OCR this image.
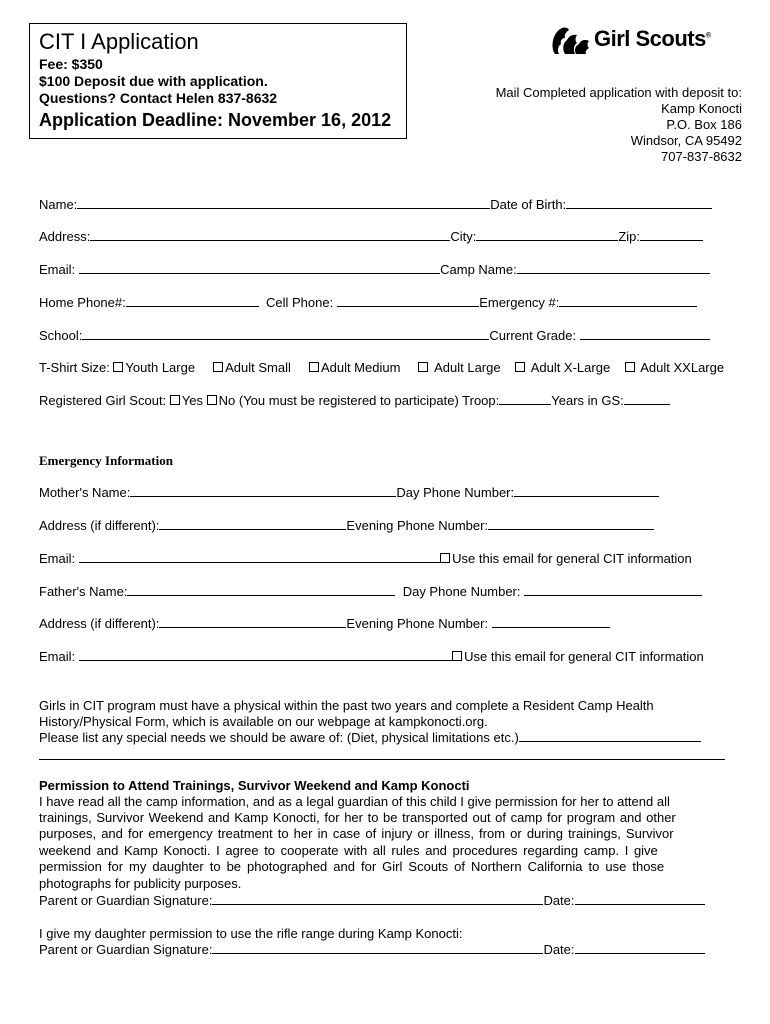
CIT I Application
Fee: $350
$100 Deposit due with application.
Questions? Contact Helen 837-8632
Application Deadline: November 16, 2012
Girl Scouts®
Mail Completed application with deposit to:
Kamp Konocti
P.O. Box 186
Windsor, CA 95492
707-837-8632
Name:	Date of Birth:
Address:	City:	Zip:
Email:	Camp Name:
Home Phone#:	Cell Phone:	Emergency #:
School:	Current Grade:
T-Shirt Size: Youth Large Adult Small Adult Medium	Adult Large Adult X-Large Adult XXLarge
Registered Girl Scout: Yes No (You must be registered to participate) Troop:	Years in GS:
Emergency Information
Mother's Name:	Day Phone Number:
Address (if different):	Evening Phone Number:
Email:	Use this email for general CIT information
Father's Name:	Day Phone Number:
Address (if different):	Evening Phone Number:
Email:	Use this email for general CIT information
Girls in CIT program must have a physical within the past two years and complete a Resident Camp Health
History/Physical Form, which is available on our webpage at kampkonocti.org.
Please list any special needs we should be aware of: (Diet, physical limitations etc.)
Permission to Attend Trainings, Survivor Weekend and Kamp Konocti
I have read all the camp information, and as a legal guardian of this child I give permission for her to attend all
trainings, Survivor Weekend and Kamp Konocti, for her to be transported out of camp for program and other
purposes, and for emergency treatment to her in case of injury or illness, from or during trainings, Survivor
weekend and Kamp Konocti. I agree to cooperate with all rules and procedures regarding camp. I give
permission for my daughter to be photographed and for Girl Scouts of Northern California to use those
photographs for publicity purposes.
Parent or Guardian Signature:	Date:
I give my daughter permission to use the rifle range during Kamp Konocti:
Parent or Guardian Signature:	Date:
